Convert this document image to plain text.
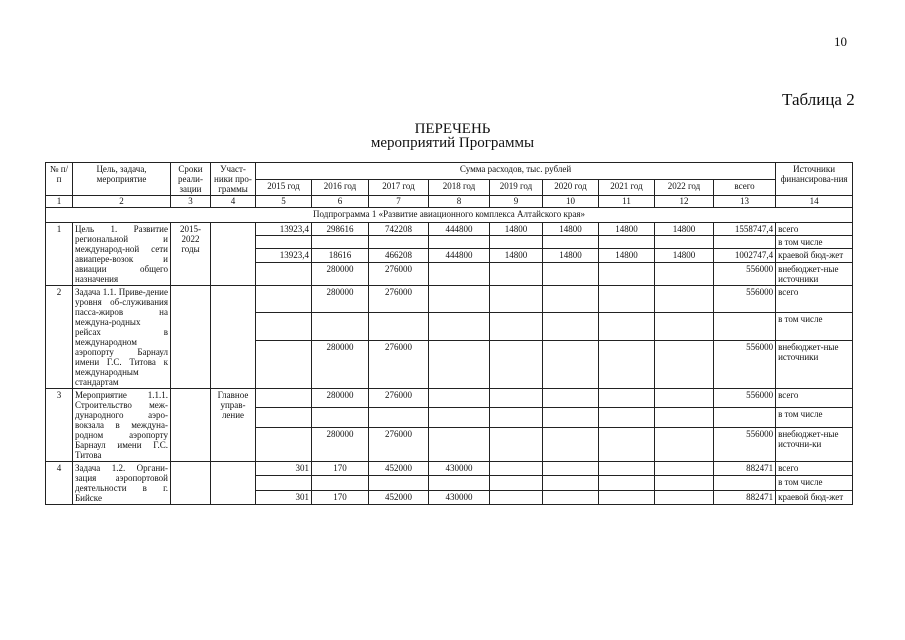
10
Таблица 2
ПЕРЕЧЕНЬ
мероприятий Программы
№ п/п	Цель, задача, мероприятие	Сроки реали-зации	Участ-ники про-граммы	Сумма расходов, тыс. рублей									Источники финансирова-ния
				2015 год	2016 год	2017 год	2018 год	2019 год	2020 год	2021 год	2022 год	всего	
1	2	3	4	5	6	7	8	9	10	11	12	13	14
Подпрограмма 1 «Развитие авиационного комплекса Алтайского края»													
1	Цель 1. Развитие региональной и международ-ной сети авиапере-возок и авиации общего назначения	2015-2022 годы		13923,4	298616	742208	444800	14800	14800	14800	14800	1558747,4	всего
													в том числе
				13923,4	18616	466208	444800	14800	14800	14800	14800	1002747,4	краевой бюд-жет
					280000	276000						556000	внебюджет-ные источники
2	Задача 1.1. Приве-дение уровня об-служивания пасса-жиров на междуна-родных рейсах в международном аэропорту Барнаул имени Г.С. Титова к международным стандартам				280000	276000						556000	всего
													в том числе
					280000	276000						556000	внебюджет-ные источники
3	Мероприятие 1.1.1. Строительство меж-дународного аэро-вокзала в междуна-родном аэропорту Барнаул имени Г.С. Титова		Главное управ-ление		280000	276000						556000	всего
													в том числе
					280000	276000						556000	внебюджет-ные источни-ки
4	Задача 1.2. Органи-зация аэропортовой деятельности в г. Бийске			301	170	452000	430000					882471	всего
													в том числе
				301	170	452000	430000					882471	краевой бюд-жет
